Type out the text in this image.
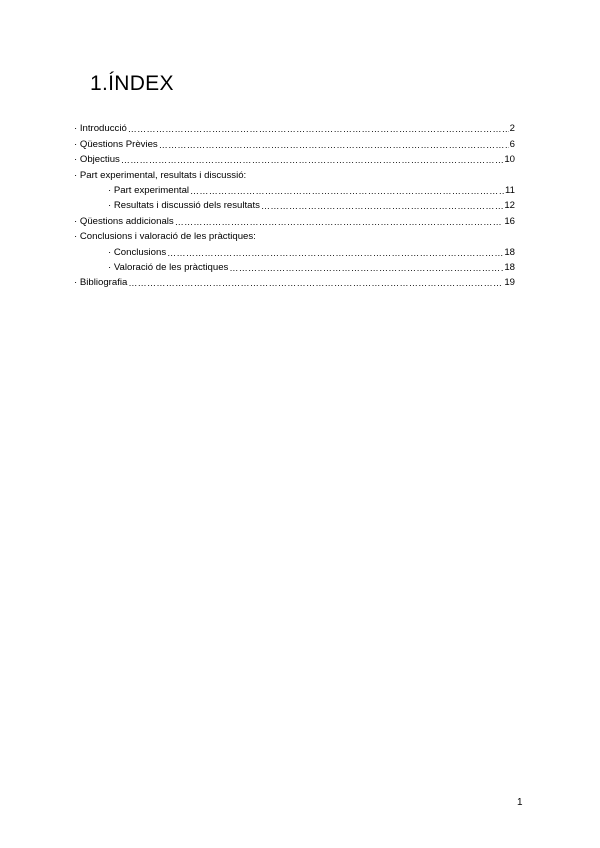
1.ÍNDEX
· Introducció …………………………………………………………………………………………………………………………………………	2
· Qüestions Prèvies …………………………………………………………………………………………………………………………………………	6
· Objectius …………………………………………………………………………………………………………………………………………	10
· Part experimental, resultats i discussió:
· Part experimental …………………………………………………………………………………………………………………………………………	11
· Resultats i discussió dels resultats …………………………………………………………………………………………………………………………………………	12
· Qüestions addicionals …………………………………………………………………………………………………………………………………………	16
· Conclusions i valoració de les pràctiques:
· Conclusions …………………………………………………………………………………………………………………………………………	18
· Valoració de les pràctiques …………………………………………………………………………………………………………………………………………	18
· Bibliografia …………………………………………………………………………………………………………………………………………	19
1
